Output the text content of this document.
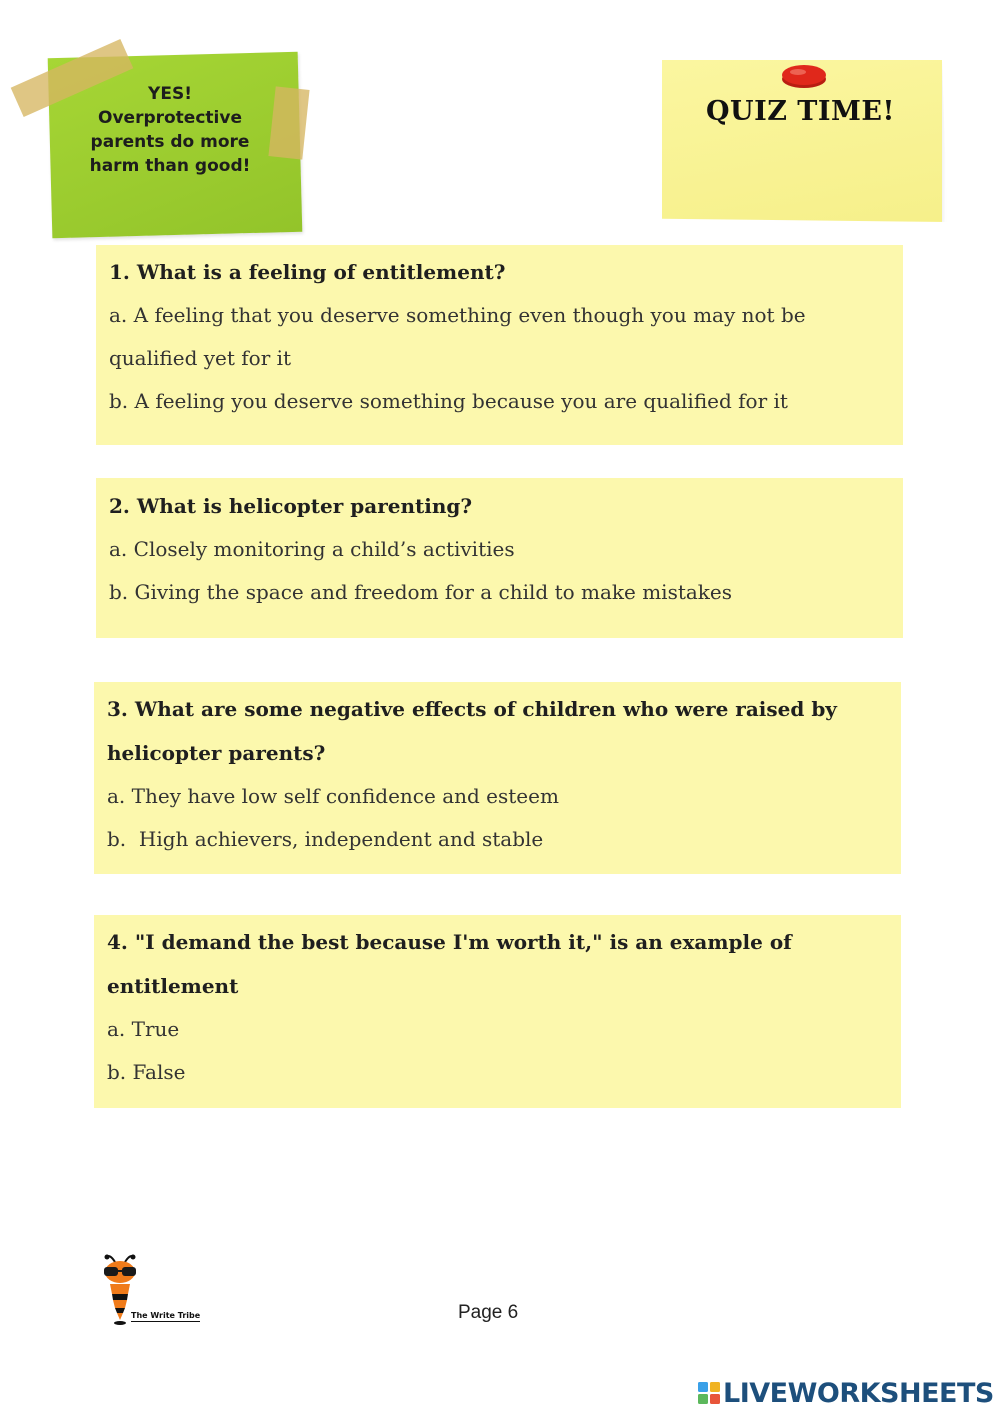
YES!
Overprotective
parents do more
harm than good!
QUIZ TIME!
1. What is a feeling of entitlement?
a. A feeling that you deserve something even though you may not be
qualified yet for it
b. A feeling you deserve something because you are qualified for it
2. What is helicopter parenting?
a. Closely monitoring a child’s activities
b. Giving the space and freedom for a child to make mistakes
3. What are some negative effects of children who were raised by
helicopter parents?
a. They have low self confidence and esteem
b.  High achievers, independent and stable
4. "I demand the best because I'm worth it," is an example of
entitlement
a. True
b. False
The Write Tribe	Page 6
LIVEWORKSHEETS
